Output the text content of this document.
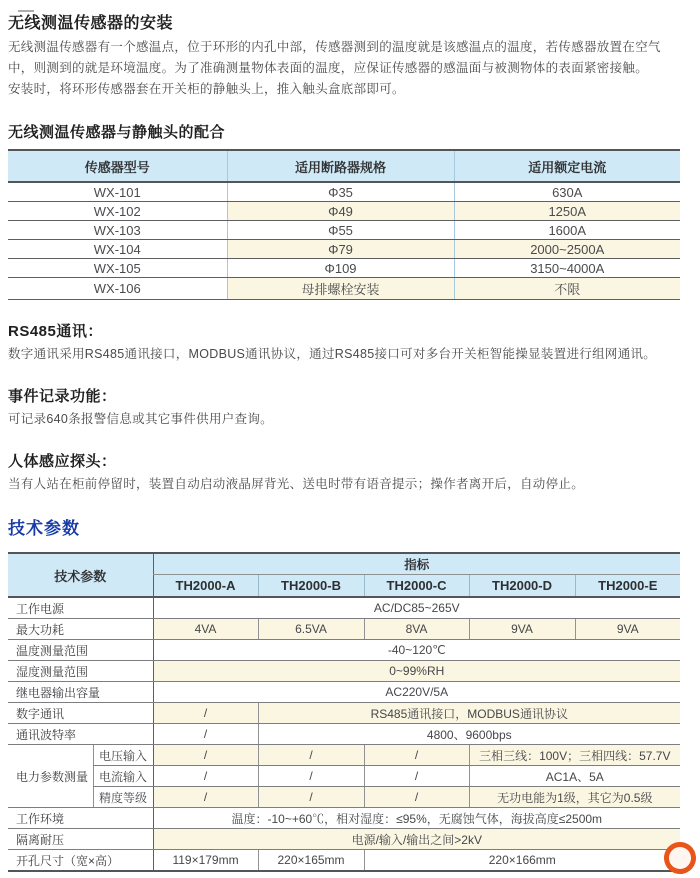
无线测温传感器的安装

无线测温传感器有一个感温点，位于环形的内孔中部，传感器测到的温度就是该感温点的温度，若传感器放置在空气中，则测到的就是环境温度。为了准确测量物体表面的温度，应保证传感器的感温面与被测物体的表面紧密接触。

安装时，将环形传感器套在开关柜的静触头上，推入触头盒底部即可。

无线测温传感器与静触头的配合
传感器型号	适用断路器规格	适用额定电流
WX-101	Φ35	630A
WX-102	Φ49	1250A
WX-103	Φ55	1600A
WX-104	Φ79	2000~2500A
WX-105	Φ109	3150~4000A
WX-106	母排螺栓安装	不限
RS485通讯：

数字通讯采用RS485通讯接口，MODBUS通讯协议，通过RS485接口可对多台开关柜智能操显装置进行组网通讯。

事件记录功能：

可记录640条报警信息或其它事件供用户查询。

人体感应探头：

当有人站在柜前停留时，装置自动启动液晶屏背光、送电时带有语音提示；操作者离开后，自动停止。

技术参数
技术参数		指标				
		TH2000-A	TH2000-B	TH2000-C	TH2000-D	TH2000-E
工作电源		AC/DC85~265V				
最大功耗		4VA	6.5VA	8VA	9VA	9VA
温度测量范围		-40~120℃				
湿度测量范围		0~99%RH				
继电器输出容量		AC220V/5A				
数字通讯		/	RS485通讯接口，MODBUS通讯协议			
通讯波特率		/	4800、9600bps			
电力参数测量	电压输入	/	/	/	三相三线：100V；三相四线：57.7V	
	电流输入	/	/	/	AC1A、5A	
	精度等级	/	/	/	无功电能为1级，其它为0.5级	
工作环境		温度：-10~+60℃，相对湿度：≤95%，无腐蚀气体，海拔高度≤2500m				
隔离耐压		电源/输入/输出之间>2kV				
开孔尺寸（宽×高）		119×179mm	220×165mm	220×166mm		
